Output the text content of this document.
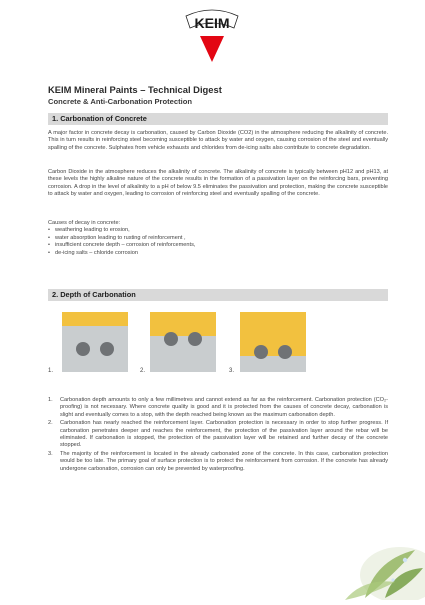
KEIM
KEIM Mineral Paints – Technical Digest
Concrete & Anti-Carbonation Protection
1. Carbonation of Concrete

A major factor in concrete decay is carbonation, caused by Carbon Dioxide (CO2) in the atmosphere reducing the alkalinity of concrete. This in turn results in reinforcing steel becoming susceptible to attack by water and oxygen, causing corrosion of the steel and eventually spalling of the concrete. Sulphates from vehicle exhausts and chlorides from de-icing salts also contribute to concrete degradation.

Carbon Dioxide in the atmosphere reduces the alkalinity of concrete. The alkalinity of concrete is typically between pH12 and pH13, at these levels the highly alkaline nature of the concrete results in the formation of a passivation layer on the reinforcing bars, preventing corrosion. A drop in the level of alkalinity to a pH of below 9.5 eliminates the passivation and protection, making the concrete susceptible to attack by water and oxygen, leading to corrosion of reinforcing steel and eventually spalling of the concrete.

Causes of decay in concrete:
• weathering leading to erosion,
• water absorption leading to rusting of reinforcement ,
• insufficient concrete depth – corrosion of reinforcements,
• de-icing salts – chloride corrosion
2. Depth of Carbonation
1.	2.	3.
1. Carbonation depth amounts to only a few millimetres and cannot extend as far as the reinforcement. Carbonation protection (CO₂-proofing) is not necessary. Where concrete quality is good and it is protected from the causes of concrete decay, carbonation is slight and eventually comes to a stop, with the depth reached being known as the maximum carbonation depth.
2. Carbonation has nearly reached the reinforcement layer. Carbonation protection is necessary in order to stop further progress. If carbonation penetrates deeper and reaches the reinforcement, the protection of the passivation layer around the rebar will be eliminated. If carbonation is stopped, the protection of the passivation layer will be retained and further decay of the concrete stopped.
3. The majority of the reinforcement is located in the already carbonated zone of the concrete. In this case, carbonation protection would be too late. The primary goal of surface protection is to protect the reinforcement from corrosion. If the concrete has already undergone carbonation, corrosion can only be prevented by waterproofing.
